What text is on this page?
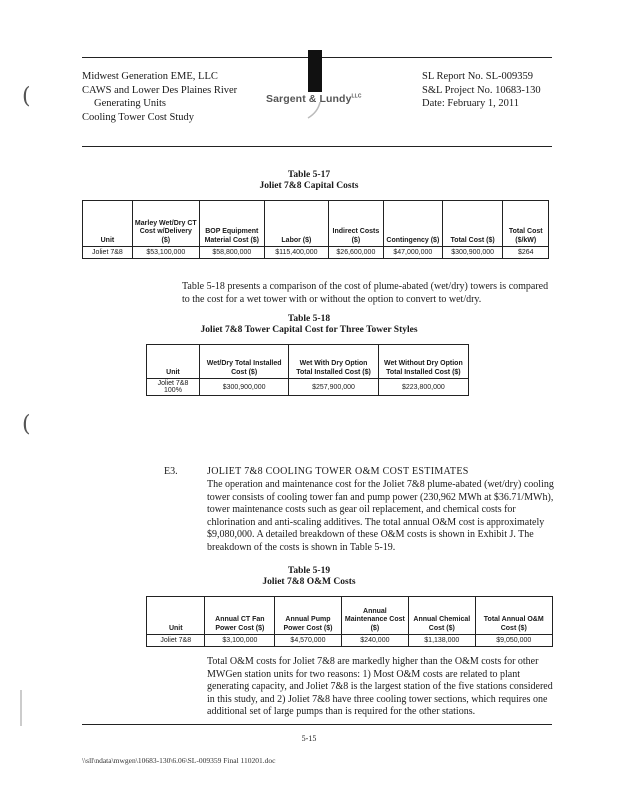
(
(
Midwest Generation EME, LLC
CAWS and Lower Des Plaines River
Generating Units
Cooling Tower Cost Study
Sargent & Lundy$^{LLC}$
SL Report No. SL-009359
S&L Project No. 10683-130
Date: February 1, 2011
Table 5-17
Joliet 7&8 Capital Costs
Unit	Marley Wet/Dry CT Cost w/Delivery ($)	BOP Equipment Material Cost ($)	Labor ($)	Indirect Costs ($)	Contingency ($)	Total Cost ($)	Total Cost ($/kW)
Joliet 7&8	$53,100,000	$58,800,000	$115,400,000	$26,600,000	$47,000,000	$300,900,000	$264
Table 5-18 presents a comparison of the cost of plume-abated (wet/dry) towers is compared to the cost for a wet tower with or without the option to convert to wet/dry.
Table 5-18
Joliet 7&8 Tower Capital Cost for Three Tower Styles
Unit	Wet/Dry Total Installed Cost ($)	Wet With Dry Option Total Installed Cost ($)	Wet Without Dry Option Total Installed Cost ($)
Joliet 7&8 100%	$300,900,000	$257,900,000	$223,800,000
E3.	JOLIET 7&8 COOLING TOWER O&M COST ESTIMATES
The operation and maintenance cost for the Joliet 7&8 plume-abated (wet/dry) cooling tower consists of cooling tower fan and pump power (230,962 MWh at $36.71/MWh), tower maintenance costs such as gear oil replacement, and chemical costs for chlorination and anti-scaling additives. The total annual O&M cost is approximately $9,080,000. A detailed breakdown of these O&M costs is shown in Exhibit J. The breakdown of the costs is shown in Table 5-19.
Table 5-19
Joliet 7&8 O&M Costs
Unit	Annual CT Fan Power Cost ($)	Annual Pump Power Cost ($)	Annual Maintenance Cost ($)	Annual Chemical Cost ($)	Total Annual O&M Cost ($)
Joliet 7&8	$3,100,000	$4,570,000	$240,000	$1,138,000	$9,050,000
Total O&M costs for Joliet 7&8 are markedly higher than the O&M costs for other MWGen station units for two reasons: 1) Most O&M costs are related to plant generating capacity, and Joliet 7&8 is the largest station of the five stations considered in this study, and 2) Joliet 7&8 have three cooling tower sections, which requires one additional set of large pumps than is required for the other stations.
5-15
\\sll\ndata\mwgen\10683-130\6.06\SL-009359 Final 110201.doc
